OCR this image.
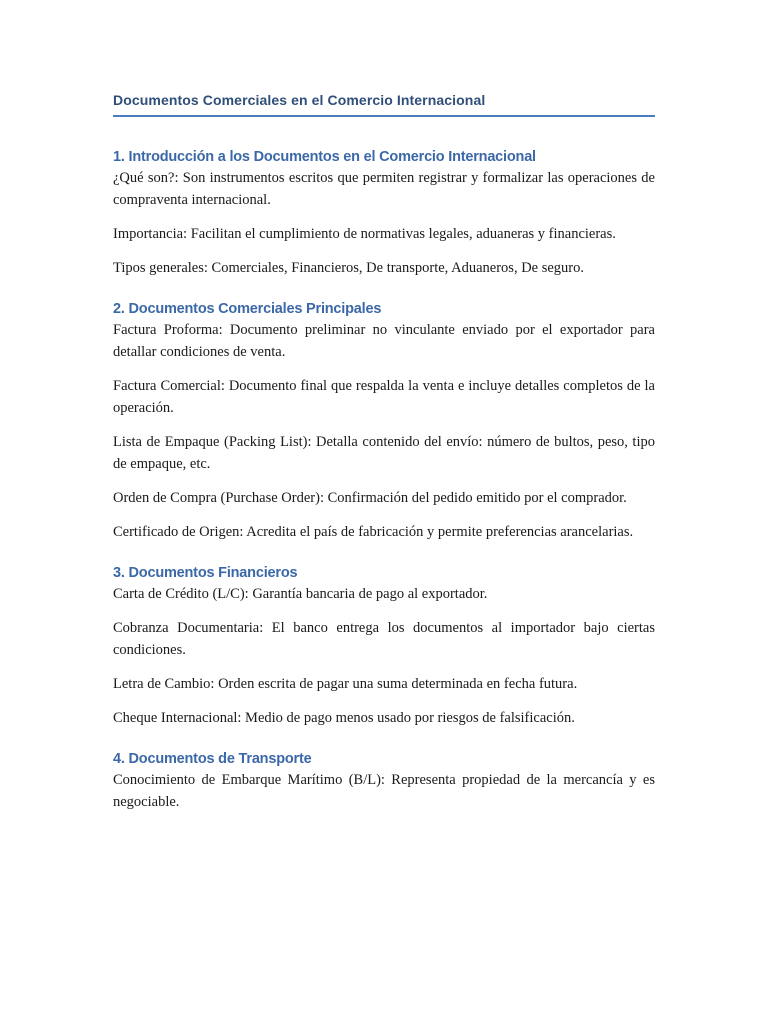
Documentos Comerciales en el Comercio Internacional
1. Introducción a los Documentos en el Comercio Internacional

¿Qué son?: Son instrumentos escritos que permiten registrar y formalizar las operaciones de compraventa internacional.

Importancia: Facilitan el cumplimiento de normativas legales, aduaneras y financieras.

Tipos generales: Comerciales, Financieros, De transporte, Aduaneros, De seguro.

2. Documentos Comerciales Principales

Factura Proforma: Documento preliminar no vinculante enviado por el exportador para detallar condiciones de venta.

Factura Comercial: Documento final que respalda la venta e incluye detalles completos de la operación.

Lista de Empaque (Packing List): Detalla contenido del envío: número de bultos, peso, tipo de empaque, etc.

Orden de Compra (Purchase Order): Confirmación del pedido emitido por el comprador.

Certificado de Origen: Acredita el país de fabricación y permite preferencias arancelarias.

3. Documentos Financieros

Carta de Crédito (L/C): Garantía bancaria de pago al exportador.

Cobranza Documentaria: El banco entrega los documentos al importador bajo ciertas condiciones.

Letra de Cambio: Orden escrita de pagar una suma determinada en fecha futura.

Cheque Internacional: Medio de pago menos usado por riesgos de falsificación.

4. Documentos de Transporte

Conocimiento de Embarque Marítimo (B/L): Representa propiedad de la mercancía y es negociable.
